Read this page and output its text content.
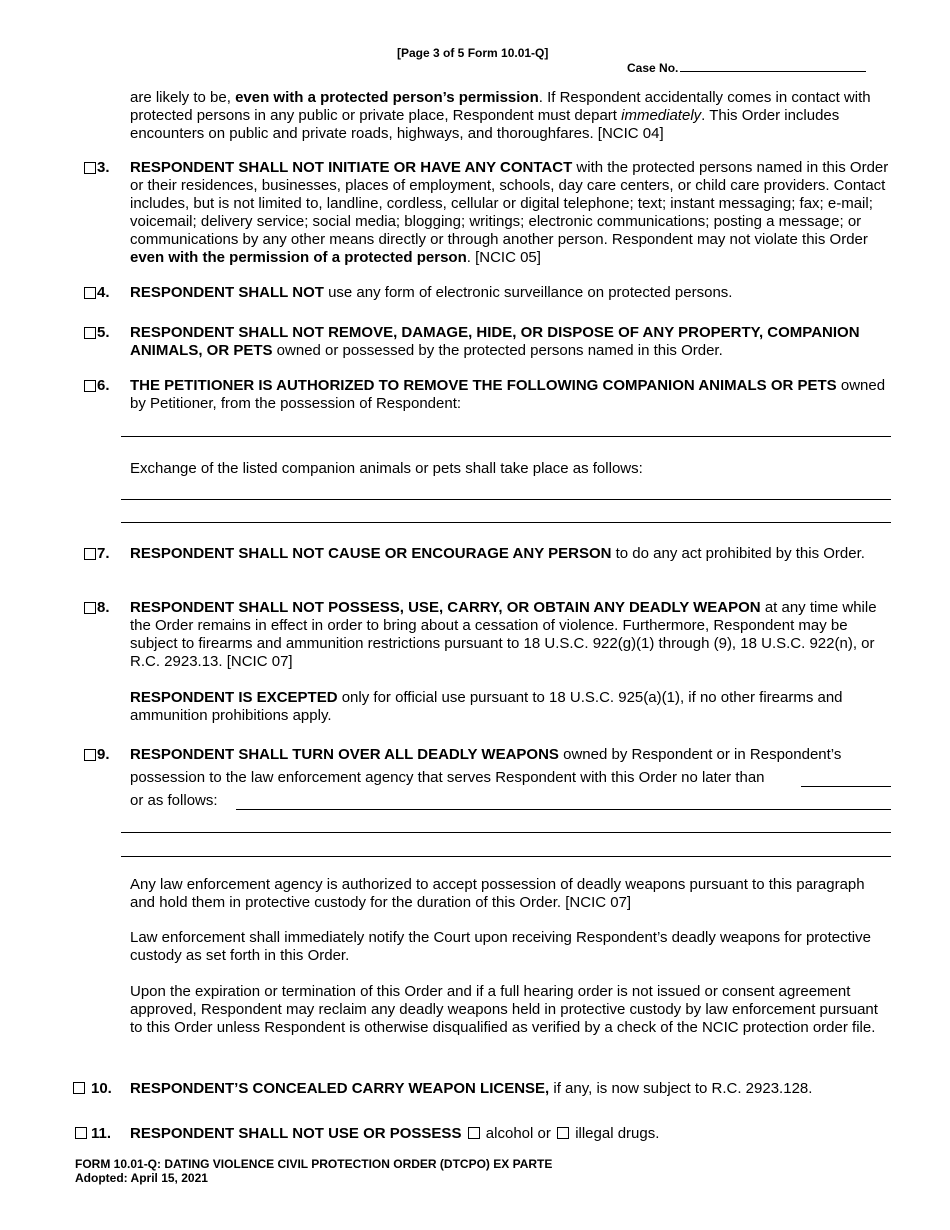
[Page 3 of 5 Form 10.01-Q]
Case No.
are likely to be, even with a protected person’s permission. If Respondent accidentally comes in contact with protected persons in any public or private place, Respondent must depart immediately. This Order includes encounters on public and private roads, highways, and thoroughfares. [NCIC 04]
3. RESPONDENT SHALL NOT INITIATE OR HAVE ANY CONTACT with the protected persons named in this Order or their residences, businesses, places of employment, schools, day care centers, or child care providers. Contact includes, but is not limited to, landline, cordless, cellular or digital telephone; text; instant messaging; fax; e-mail; voicemail; delivery service; social media; blogging; writings; electronic communications; posting a message; or communications by any other means directly or through another person. Respondent may not violate this Order even with the permission of a protected person. [NCIC 05]
4. RESPONDENT SHALL NOT use any form of electronic surveillance on protected persons.
5. RESPONDENT SHALL NOT REMOVE, DAMAGE, HIDE, OR DISPOSE OF ANY PROPERTY, COMPANION ANIMALS, OR PETS owned or possessed by the protected persons named in this Order.
6. THE PETITIONER IS AUTHORIZED TO REMOVE THE FOLLOWING COMPANION ANIMALS OR PETS owned by Petitioner, from the possession of Respondent:
Exchange of the listed companion animals or pets shall take place as follows:
7. RESPONDENT SHALL NOT CAUSE OR ENCOURAGE ANY PERSON to do any act prohibited by this Order.
8. RESPONDENT SHALL NOT POSSESS, USE, CARRY, OR OBTAIN ANY DEADLY WEAPON at any time while the Order remains in effect in order to bring about a cessation of violence. Furthermore, Respondent may be subject to firearms and ammunition restrictions pursuant to 18 U.S.C. 922(g)(1) through (9), 18 U.S.C. 922(n), or R.C. 2923.13. [NCIC 07]
RESPONDENT IS EXCEPTED only for official use pursuant to 18 U.S.C. 925(a)(1), if no other firearms and ammunition prohibitions apply.
9. RESPONDENT SHALL TURN OVER ALL DEADLY WEAPONS owned by Respondent or in Respondent’s
possession to the law enforcement agency that serves Respondent with this Order no later than
or as follows:
Any law enforcement agency is authorized to accept possession of deadly weapons pursuant to this paragraph and hold them in protective custody for the duration of this Order. [NCIC 07]
Law enforcement shall immediately notify the Court upon receiving Respondent’s deadly weapons for protective custody as set forth in this Order.
Upon the expiration or termination of this Order and if a full hearing order is not issued or consent agreement approved, Respondent may reclaim any deadly weapons held in protective custody by law enforcement pursuant to this Order unless Respondent is otherwise disqualified as verified by a check of the NCIC protection order file.
10. RESPONDENT’S CONCEALED CARRY WEAPON LICENSE, if any, is now subject to R.C. 2923.128.
11. RESPONDENT SHALL NOT USE OR POSSESS alcohol or illegal drugs.
FORM 10.01-Q: DATING VIOLENCE CIVIL PROTECTION ORDER (DTCPO) EX PARTE
Adopted: April 15, 2021
